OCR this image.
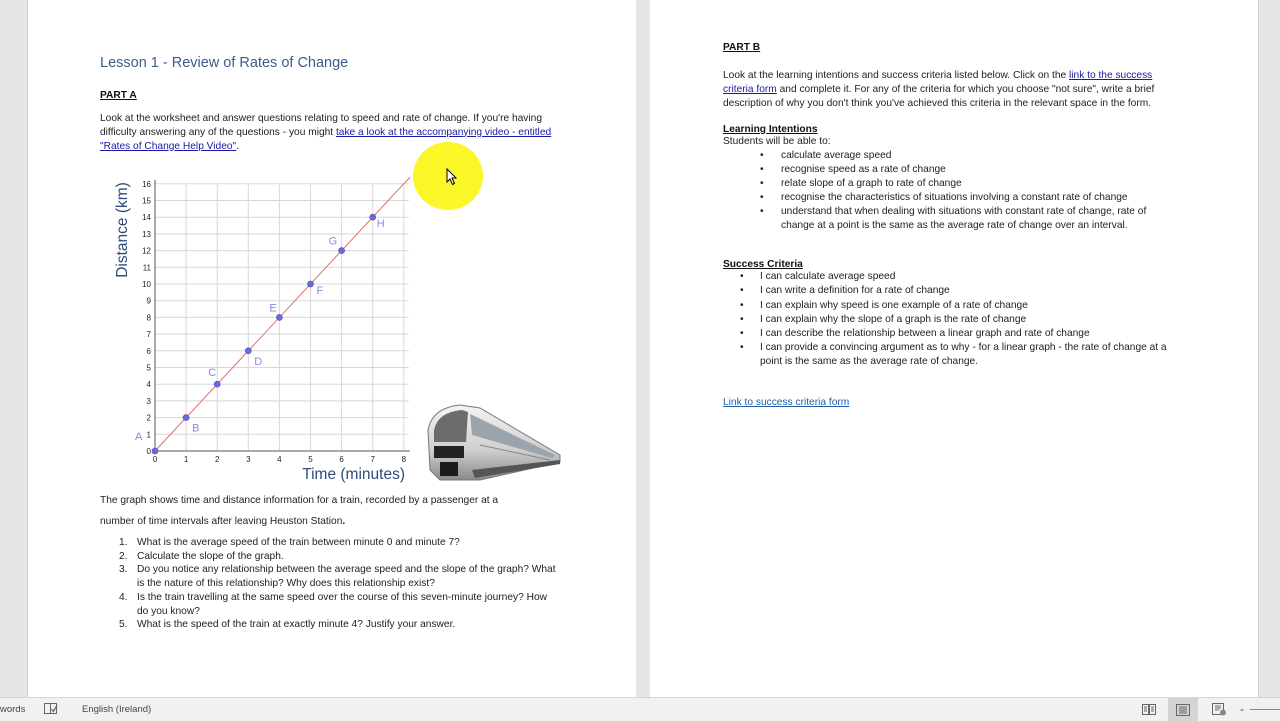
Lesson 1 - Review of Rates of Change
PART A
Look at the worksheet and answer questions relating to speed and rate of change. If you're having difficulty answering any of the questions - you might take a look at the accompanying video - entitled "Rates of Change Help Video".
0	1	2	3	4	5	6	7	8
0
1
2
3
4
5
6
7
8
9
10
11
12
13
14
15
16
A
B
C
D
E
F
G
H
Distance (km)
Time (minutes)
The graph shows time and distance information for a train, recorded by a passenger at a
number of time intervals after leaving Heuston Station.
1. What is the average speed of the train between minute 0 and minute 7?
2. Calculate the slope of the graph.
3. Do you notice any relationship between the average speed and the slope of the graph? What is the nature of this relationship? Why does this relationship exist?
4. Is the train travelling at the same speed over the course of this seven-minute journey? How do you know?
5. What is the speed of the train at exactly minute 4? Justify your answer.
PART B
Look at the learning intentions and success criteria listed below. Click on the link to the success criteria form and complete it. For any of the criteria for which you choose "not sure", write a brief description of why you don't think you've achieved this criteria in the relevant space in the form.
Learning Intentions
Students will be able to:
• calculate average speed
• recognise speed as a rate of change
• relate slope of a graph to rate of change
• recognise the characteristics of situations involving a constant rate of change
• understand that when dealing with situations with constant rate of change, rate of change at a point is the same as the average rate of change over an interval.
Success Criteria
• I can calculate average speed
• I can write a definition for a rate of change
• I can explain why speed is one example of a rate of change
• I can explain why the slope of a graph is the rate of change
• I can describe the relationship between a linear graph and rate of change
• I can provide a convincing argument as to why - for a linear graph - the rate of change at a point is the same as the average rate of change.
Link to success criteria form
words	English (Ireland)	-
